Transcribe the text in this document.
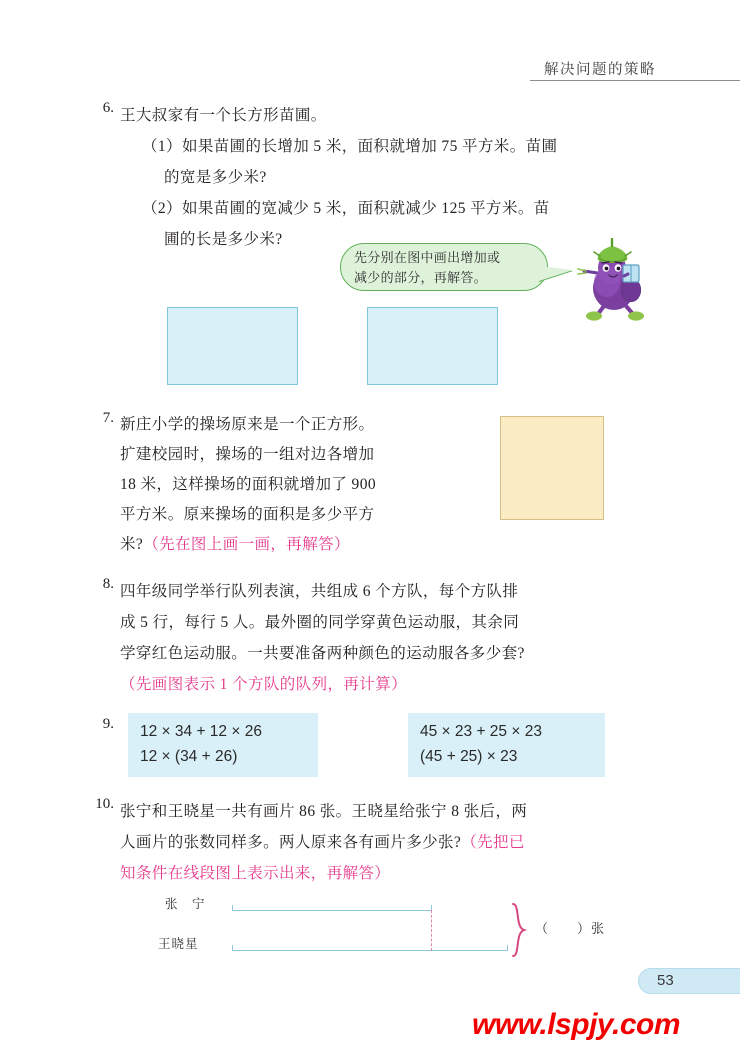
解决问题的策略
6. 王大叔家有一个长方形苗圃。
（1）如果苗圃的长增加 5 米，面积就增加 75 平方米。苗圃
的宽是多少米?
（2）如果苗圃的宽减少 5 米，面积就减少 125 平方米。苗
圃的长是多少米?
先分别在图中画出增加或
减少的部分，再解答。
7. 新庄小学的操场原来是一个正方形。
扩建校园时，操场的一组对边各增加
18 米，这样操场的面积就增加了 900
平方米。原来操场的面积是多少平方
米?（先在图上画一画，再解答）
8. 四年级同学举行队列表演，共组成 6 个方队，每个方队排
成 5 行，每行 5 人。最外圈的同学穿黄色运动服，其余同
学穿红色运动服。一共要准备两种颜色的运动服各多少套?
（先画图表示 1 个方队的队列，再计算）
9. 12 × 34 + 12 × 26
12 × (34 + 26)
45 × 23 + 25 × 23
(45 + 25) × 23
10. 张宁和王晓星一共有画片 86 张。王晓星给张宁 8 张后，两
人画片的张数同样多。两人原来各有画片多少张?（先把已
知条件在线段图上表示出来，再解答）
张　宁
王晓星
（　　）张
53
www.lspjy.com
